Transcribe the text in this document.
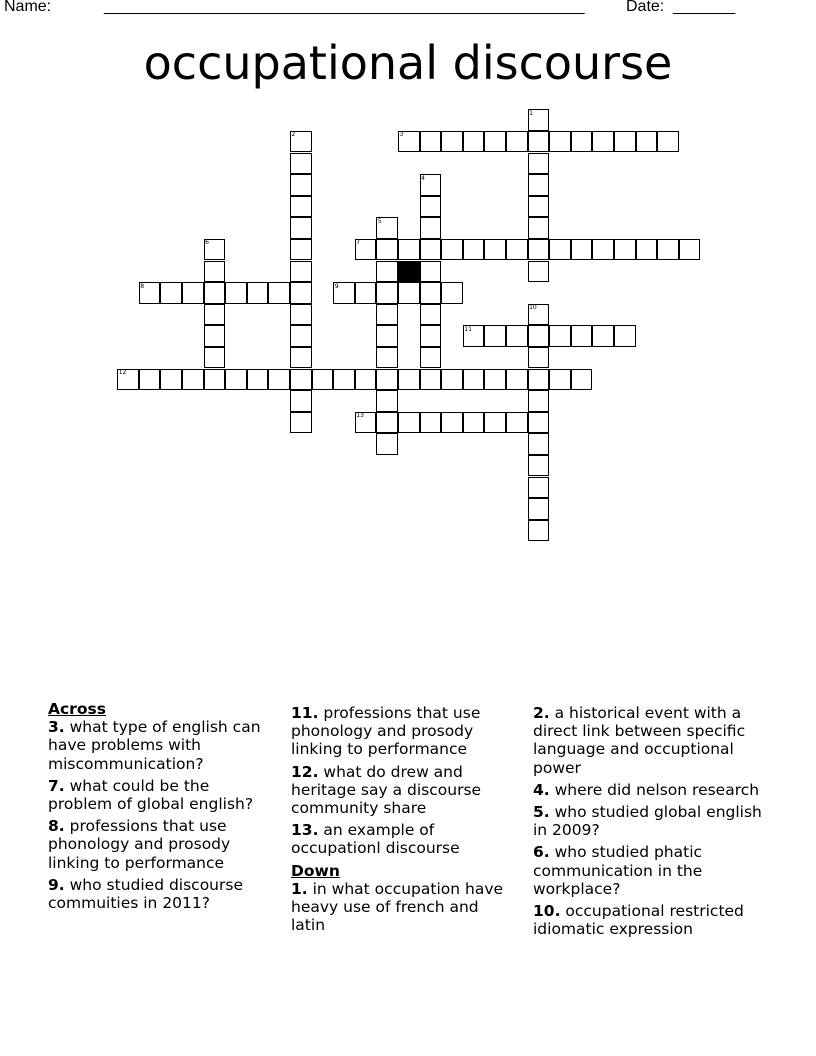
Name:	______________________________________________________	Date: _______
occupational discourse
1
2	3
4
5
6	7
8	9
10
11
12
13
Across
3. what type of english can have problems with miscommunication?
7. what could be the problem of global english?
8. professions that use phonology and prosody linking to performance
9. who studied discourse commuities in 2011?
11. professions that use phonology and prosody linking to performance
12. what do drew and heritage say a discourse community share
13. an example of occupationl discourse
Down
1. in what occupation have heavy use of french and latin
2. a historical event with a direct link between specific language and occuptional power
4. where did nelson research
5. who studied global english in 2009?
6. who studied phatic communication in the workplace?
10. occupational restricted idiomatic expression
